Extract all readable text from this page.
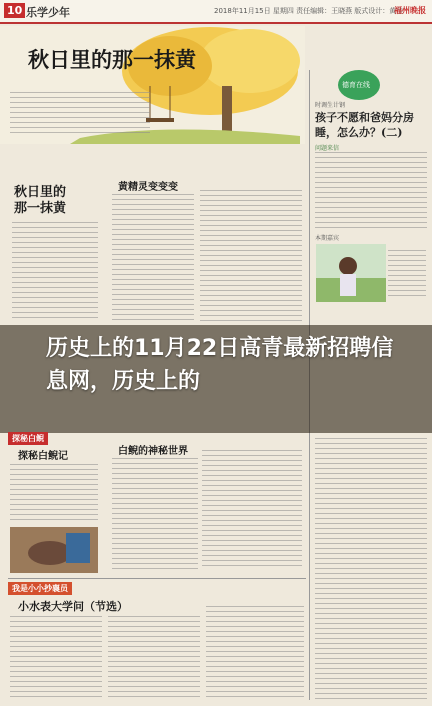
10 乐学少年	2018年11月15日 星期四 责任编辑：王晓燕 版式设计：黄佳
福州晚报
秋日里的那一抹黄
德育在线
时调生计钢
孩子不愿和爸妈分房睡，怎么办？(二)
问题来信
本期嘉宾
秋日里的那一抹黄
黄精灵变变变
历史上的11月22日高青最新招聘信息网，历史上的
探秘白鲵
探秘白鲵记	白鲵的神秘世界
我是小小抄襄员
小水表大学问（节选）
